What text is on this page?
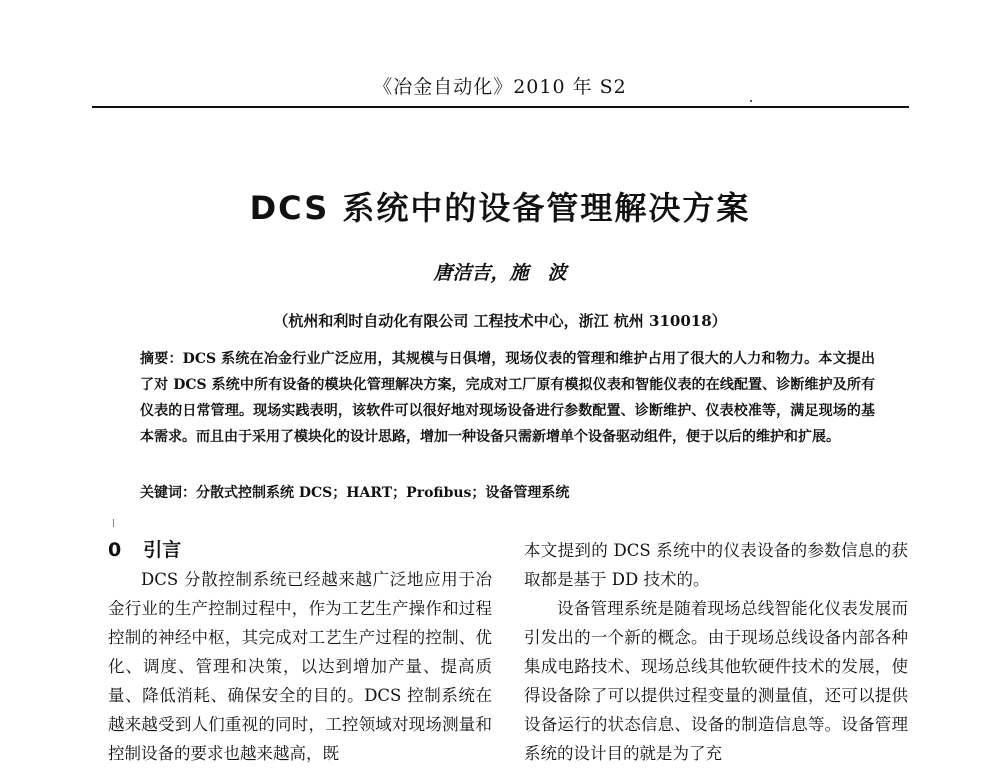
《冶金自动化》2010 年 S2
DCS 系统中的设备管理解决方案
唐洁吉，施　波
（杭州和利时自动化有限公司 工程技术中心，浙江 杭州 310018）
摘要：DCS 系统在冶金行业广泛应用，其规模与日俱增，现场仪表的管理和维护占用了很大的人力和物力。本文提出了对 DCS 系统中所有设备的模块化管理解决方案，完成对工厂原有模拟仪表和智能仪表的在线配置、诊断维护及所有仪表的日常管理。现场实践表明，该软件可以很好地对现场设备进行参数配置、诊断维护、仪表校准等，满足现场的基本需求。而且由于采用了模块化的设计思路，增加一种设备只需新增单个设备驱动组件，便于以后的维护和扩展。
关键词：分散式控制系统 DCS；HART；Profibus；设备管理系统
0 引言

DCS 分散控制系统已经越来越广泛地应用于冶金行业的生产控制过程中，作为工艺生产操作和过程控制的神经中枢，其完成对工艺生产过程的控制、优化、调度、管理和决策，以达到增加产量、提高质量、降低消耗、确保安全的目的。DCS 控制系统在越来越受到人们重视的同时，工控领域对现场测量和控制设备的要求也越来越高，既

本文提到的 DCS 系统中的仪表设备的参数信息的获取都是基于 DD 技术的。

设备管理系统是随着现场总线智能化仪表发展而引发出的一个新的概念。由于现场总线设备内部各种集成电路技术、现场总线其他软硬件技术的发展，使得设备除了可以提供过程变量的测量值，还可以提供设备运行的状态信息、设备的制造信息等。设备管理系统的设计目的就是为了充
